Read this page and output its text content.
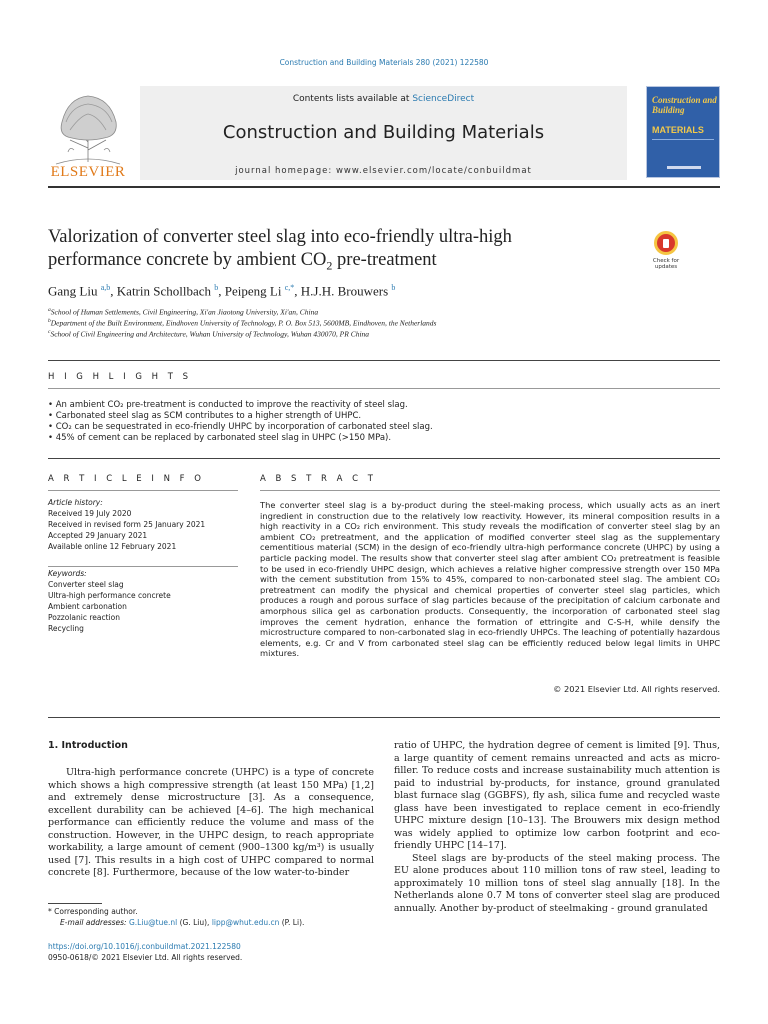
Construction and Building Materials 280 (2021) 122580
Contents lists available at ScienceDirect
Construction and Building Materials
journal homepage: www.elsevier.com/locate/conbuildmat
ELSEVIER
Construction and Building
MATERIALS
Valorization of converter steel slag into eco-friendly ultra-high
performance concrete by ambient $CO_2$ pre-treatment	Check for updates
Gang Liu $^{a,b}$, Katrin Schollbach $^b$, Peipeng Li $^{c,*}$, H.J.H. Brouwers $^b$
$^a$School of Human Settlements, Civil Engineering, Xi'an Jiaotong University, Xi'an, China
$^b$Department of the Built Environment, Eindhoven University of Technology, P. O. Box 513, 5600MB, Eindhoven, the Netherlands
$^c$School of Civil Engineering and Architecture, Wuhan University of Technology, Wuhan 430070, PR China
H I G H L I G H T S
• An ambient CO₂ pre-treatment is conducted to improve the reactivity of steel slag.
• Carbonated steel slag as SCM contributes to a higher strength of UHPC.
• CO₂ can be sequestrated in eco-friendly UHPC by incorporation of carbonated steel slag.
• 45% of cement can be replaced by carbonated steel slag in UHPC (>150 MPa).
A R T I C L E I N F O
Article history:
Received 19 July 2020
Received in revised form 25 January 2021
Accepted 29 January 2021
Available online 12 February 2021
Keywords:
Converter steel slag
Ultra-high performance concrete
Ambient carbonation
Pozzolanic reaction
Recycling
A B S T R A C T
The converter steel slag is a by-product during the steel-making process, which usually acts as an inert ingredient in construction due to the relatively low reactivity. However, its mineral composition results in a high reactivity in a CO₂ rich environment. This study reveals the modification of converter steel slag by an ambient CO₂ pretreatment, and the application of modified converter steel slag as the supplementary cementitious material (SCM) in the design of eco-friendly ultra-high performance concrete (UHPC) by using a particle packing model. The results show that converter steel slag after ambient CO₂ pretreatment is feasible to be used in eco-friendly UHPC design, which achieves a relative higher compressive strength over 150 MPa with the cement substitution from 15% to 45%, compared to non-carbonated steel slag. The ambient CO₂ pretreatment can modify the physical and chemical properties of converter steel slag particles, which produces a rough and porous surface of slag particles because of the precipitation of calcium carbonate and amorphous silica gel as carbonation products. Consequently, the incorporation of carbonated steel slag improves the cement hydration, enhance the formation of ettringite and C-S-H, while densify the microstructure compared to non-carbonated slag in eco-friendly UHPCs. The leaching of potentially hazardous elements, e.g. Cr and V from carbonated steel slag can be efficiently reduced below legal limits in UHPC mixtures.
© 2021 Elsevier Ltd. All rights reserved.
1. Introduction

Ultra-high performance concrete (UHPC) is a type of concrete which shows a high compressive strength (at least 150 MPa) [1,2] and extremely dense microstructure [3]. As a consequence, excellent durability can be achieved [4–6]. The high mechanical performance can efficiently reduce the volume and mass of the construction. However, in the UHPC design, to reach appropriate workability, a large amount of cement (900–1300 kg/m³) is usually used [7]. This results in a high cost of UHPC compared to normal concrete [8]. Furthermore, because of the low water-to-binder

ratio of UHPC, the hydration degree of cement is limited [9]. Thus, a large quantity of cement remains unreacted and acts as micro-filler. To reduce costs and increase sustainability much attention is paid to industrial by-products, for instance, ground granulated blast furnace slag (GGBFS), fly ash, silica fume and recycled waste glass have been investigated to replace cement in eco-friendly UHPC mixture design [10–13]. The Brouwers mix design method was widely applied to optimize low carbon footprint and eco-friendly UHPC [14–17].

Steel slags are by-products of the steel making process. The EU alone produces about 110 million tons of raw steel, leading to approximately 10 million tons of steel slag annually [18]. In the Netherlands alone 0.7 M tons of converter steel slag are produced annually. Another by-product of steelmaking - ground granulated

* Corresponding author.
E-mail addresses: G.Liu@tue.nl (G. Liu), lipp@whut.edu.cn (P. Li).
https://doi.org/10.1016/j.conbuildmat.2021.122580
0950-0618/© 2021 Elsevier Ltd. All rights reserved.
